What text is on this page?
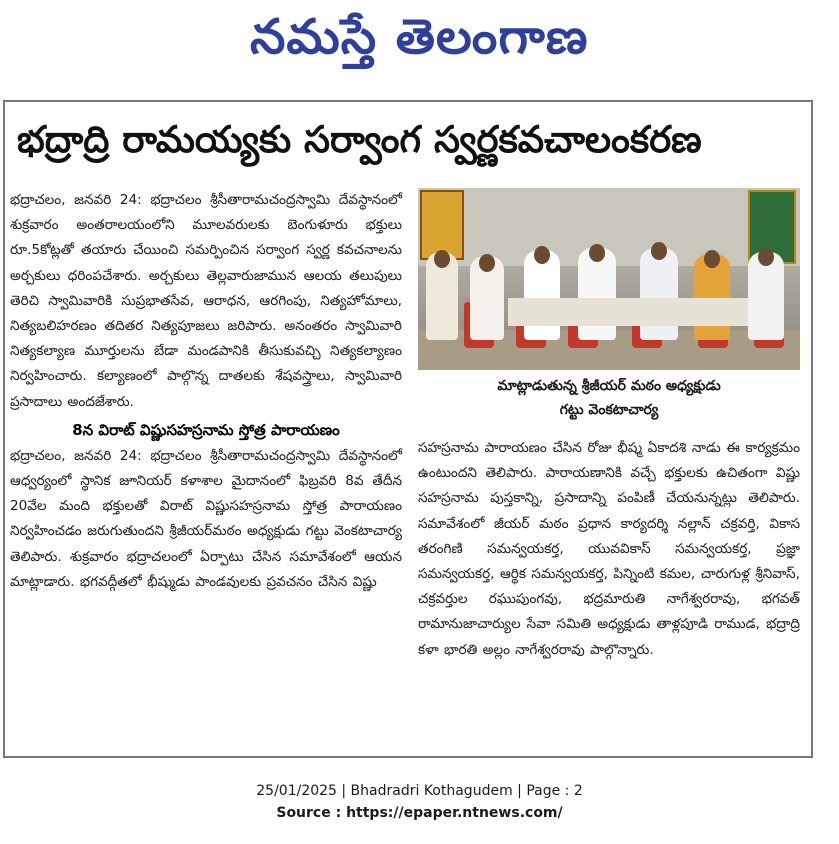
నమస్తే తెలంగాణ
భద్రాద్రి రామయ్యకు సర్వాంగ స్వర్ణకవచాలంకరణ

భద్రాచలం, జనవరి 24: భద్రాచలం శ్రీసీతారామచంద్రస్వామి దేవస్థానంలో శుక్రవారం అంతరాలయంలోని మూలవరులకు బెంగుళూరు భక్తులు రూ.5కోట్లతో తయారు చేయించి సమర్పించిన సర్వాంగ స్వర్ణ కవచనాలను అర్చకులు ధరింపచేశారు. అర్చకులు తెల్లవారుజామున ఆలయ తలుపులు తెరిచి స్వామివారికి సుప్రభాతసేవ, ఆరాధన, ఆరగింపు, నిత్యహోమాలు, నిత్యబలిహరణం తదితర నిత్యపూజలు జరిపారు. అనంతరం స్వామివారి నిత్యకల్యాణ మూర్తులను బేడా మండపానికి తీసుకువచ్చి నిత్యకల్యాణం నిర్వహించారు. కల్యాణంలో పాల్గొన్న దాతలకు శేషవస్త్రాలు, స్వామివారి ప్రసాదాలు అందజేశారు.

8న విరాట్ విష్ణుసహస్రనామ స్తోత్ర పారాయణం

భద్రాచలం, జనవరి 24: భద్రాచలం శ్రీసీతారామచంద్రస్వామి దేవస్థానంలో ఆధ్వర్యంలో స్థానిక జూనియర్ కళాశాల మైదానంలో ఫిబ్రవరి 8వ తేదీన 20వేల మంది భక్తులతో విరాట్ విష్ణుసహస్రనామ స్తోత్ర పారాయణం నిర్వహించడం జరుగుతుందని శ్రీజీయర్‌మఠం అధ్యక్షుడు గట్టు వెంకటాచార్య తెలిపారు. శుక్రవారం భద్రాచలంలో ఏర్పాటు చేసిన సమావేశంలో ఆయన మాట్లాడారు. భగవద్గీతలో భీష్ముడు పాండవులకు ప్రవచనం చేసిన విష్ణు

మాట్లాడుతున్న శ్రీజీయర్ మఠం అధ్యక్షుడు
గట్టు వెంకటాచార్య

సహస్రనామ పారాయణం చేసిన రోజు భీష్మ ఏకాదశి నాడు ఈ కార్యక్రమం ఉంటుందని తెలిపారు. పారాయణానికి వచ్చే భక్తులకు ఉచితంగా విష్ణు సహస్రనామ పుస్తకాన్ని, ప్రసాదాన్ని పంపిణీ చేయనున్నట్లు తెలిపారు. సమావేశంలో జీయర్ మఠం ప్రధాన కార్యదర్శి నల్లాన్ చక్రవర్తి, వికాస తరంగిణి సమన్వయకర్త, యువవికాస్ సమన్వయకర్త, ప్రజ్ఞా సమన్వయకర్త, ఆర్థిక సమన్వయకర్త, పిన్నింటి కమల, చారుగుళ్ల శ్రీనివాస్, చక్రవర్తుల రఘుపుంగవు, భద్రమారుతి నాగేశ్వరరావు, భగవత్ రామానుజాచార్యుల సేవా సమితి అధ్యక్షుడు తాళ్లపూడి రాముడ, భద్రాద్రి కళా భారతి అల్లం నాగేశ్వరరావు పాల్గొన్నారు.

25/01/2025 | Bhadradri Kothagudem | Page : 2
Source : https://epaper.ntnews.com/
